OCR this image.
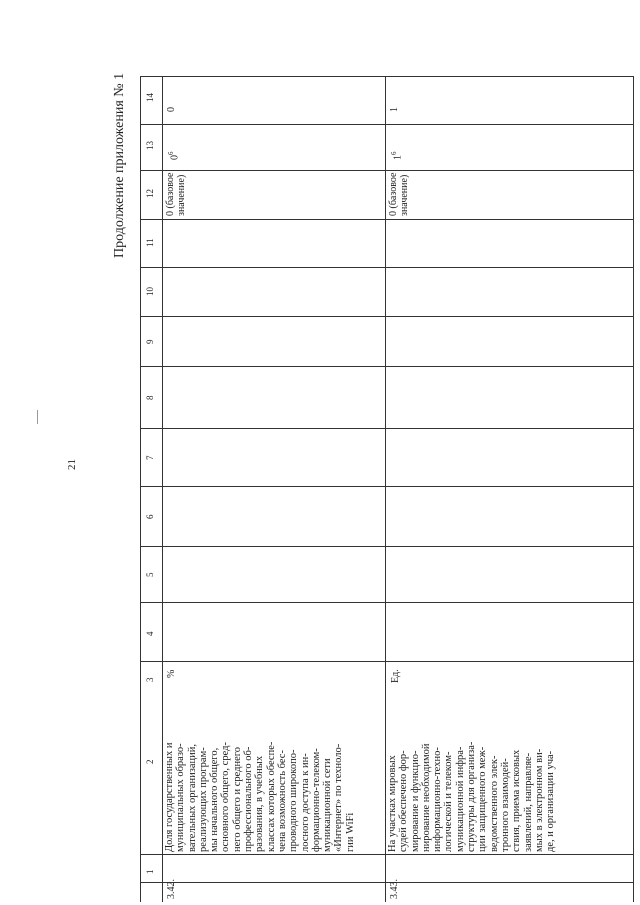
21
Продолжение приложения № 1 14
13
12
11
10
9
8
7
6
5
4
3
2
1
3.42.
%
Доля государственных и муниципальных образо- вательных организаций, реализующих програм- мы начального общего, основного общего, сред- него общего и среднего профессионального об- разования, в учебных классах которых обеспе- чена возможность бес- проводного широкопо- лосного доступа к ин- формационно-телеком- муникационной сети «Интернет» по техноло- гии WiFi
0 (базовое значение)
$0^6$
0
3.43.
Ед.
На участках мировых судей обеспечено фор- мирование и функцио- нирование необходимой информационно-техно- логической и телеком- муникационной инфра- структуры для организа- ции защищенного меж- ведомственного элек- тронного взаимодей- ствия, приема исковых заявлений, направляе- мых в электронном ви- де, и организации уча-
0 (базовое значение)
$1^6$
1
